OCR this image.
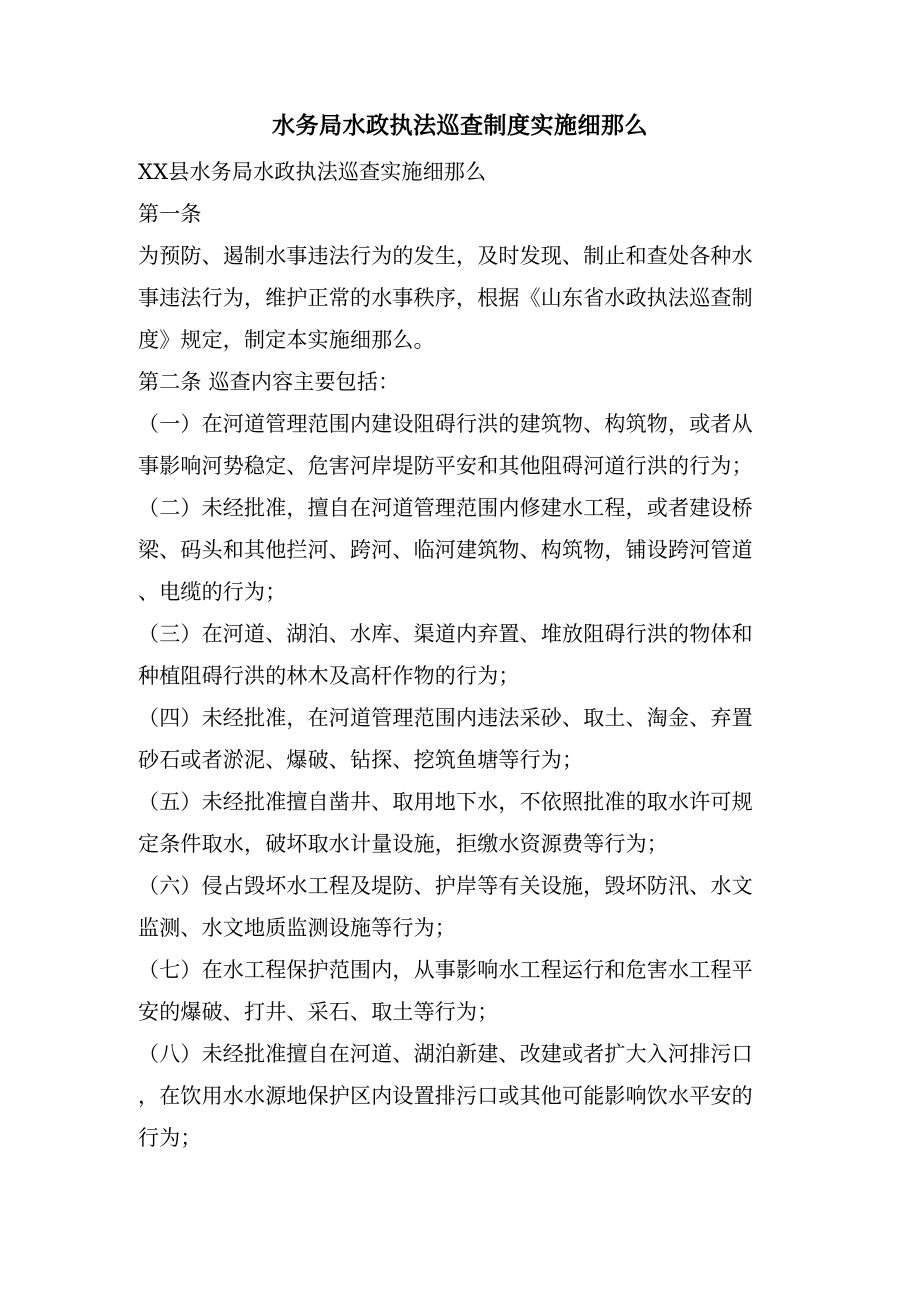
水务局水政执法巡查制度实施细那么
XX县水务局水政执法巡查实施细那么
第一条
为预防、遏制水事违法行为的发生，及时发现、制止和查处各种水
事违法行为，维护正常的水事秩序，根据《山东省水政执法巡查制
度》规定，制定本实施细那么。
第二条 巡查内容主要包括：
（一）在河道管理范围内建设阻碍行洪的建筑物、构筑物，或者从
事影响河势稳定、危害河岸堤防平安和其他阻碍河道行洪的行为；
（二）未经批准，擅自在河道管理范围内修建水工程，或者建设桥
梁、码头和其他拦河、跨河、临河建筑物、构筑物，铺设跨河管道
、电缆的行为；
（三）在河道、湖泊、水库、渠道内弃置、堆放阻碍行洪的物体和
种植阻碍行洪的林木及高杆作物的行为；
（四）未经批准，在河道管理范围内违法采砂、取土、淘金、弃置
砂石或者淤泥、爆破、钻探、挖筑鱼塘等行为；
（五）未经批准擅自凿井、取用地下水，不依照批准的取水许可规
定条件取水，破坏取水计量设施，拒缴水资源费等行为；
（六）侵占毁坏水工程及堤防、护岸等有关设施，毁坏防汛、水文
监测、水文地质监测设施等行为；
（七）在水工程保护范围内，从事影响水工程运行和危害水工程平
安的爆破、打井、采石、取土等行为；
（八）未经批准擅自在河道、湖泊新建、改建或者扩大入河排污口
，在饮用水水源地保护区内设置排污口或其他可能影响饮水平安的
行为；
